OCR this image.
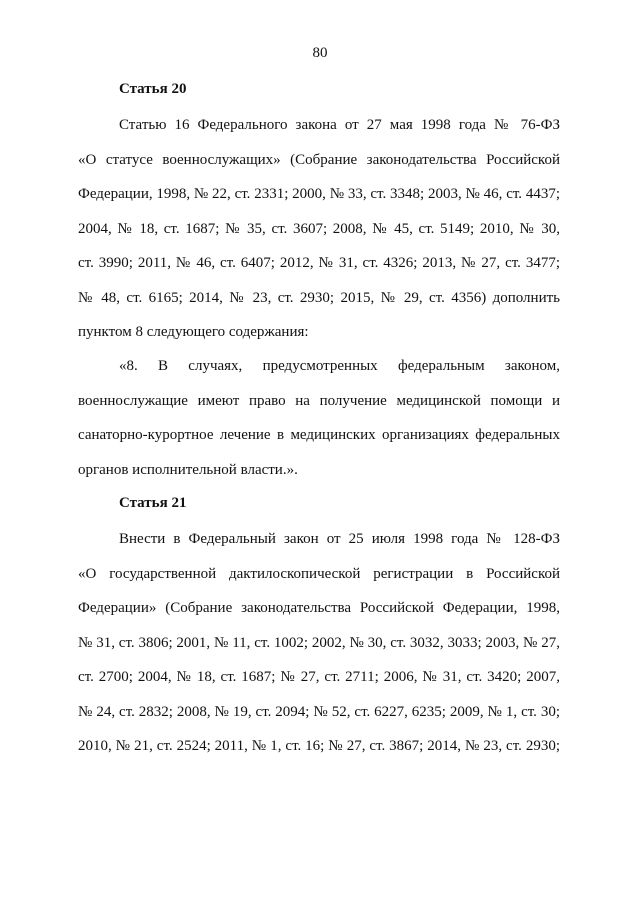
80
Статья 20
Статью 16 Федерального закона от 27 мая 1998 года № 76-ФЗ
«О статусе военнослужащих» (Собрание законодательства Российской
Федерации, 1998, № 22, ст. 2331; 2000, № 33, ст. 3348; 2003, № 46, ст. 4437;
2004, № 18, ст. 1687; № 35, ст. 3607; 2008, № 45, ст. 5149; 2010, № 30,
ст. 3990; 2011, № 46, ст. 6407; 2012, № 31, ст. 4326; 2013, № 27, ст. 3477;
№ 48, ст. 6165; 2014, № 23, ст. 2930; 2015, № 29, ст. 4356) дополнить
пунктом 8 следующего содержания:
«8. В случаях, предусмотренных федеральным законом,
военнослужащие имеют право на получение медицинской помощи и
санаторно-курортное лечение в медицинских организациях федеральных
органов исполнительной власти.».
Статья 21
Внести в Федеральный закон от 25 июля 1998 года № 128-ФЗ
«О государственной дактилоскопической регистрации в Российской
Федерации» (Собрание законодательства Российской Федерации, 1998,
№ 31, ст. 3806; 2001, № 11, ст. 1002; 2002, № 30, ст. 3032, 3033; 2003, № 27,
ст. 2700; 2004, № 18, ст. 1687; № 27, ст. 2711; 2006, № 31, ст. 3420; 2007,
№ 24, ст. 2832; 2008, № 19, ст. 2094; № 52, ст. 6227, 6235; 2009, № 1, ст. 30;
2010, № 21, ст. 2524; 2011, № 1, ст. 16; № 27, ст. 3867; 2014, № 23, ст. 2930;
